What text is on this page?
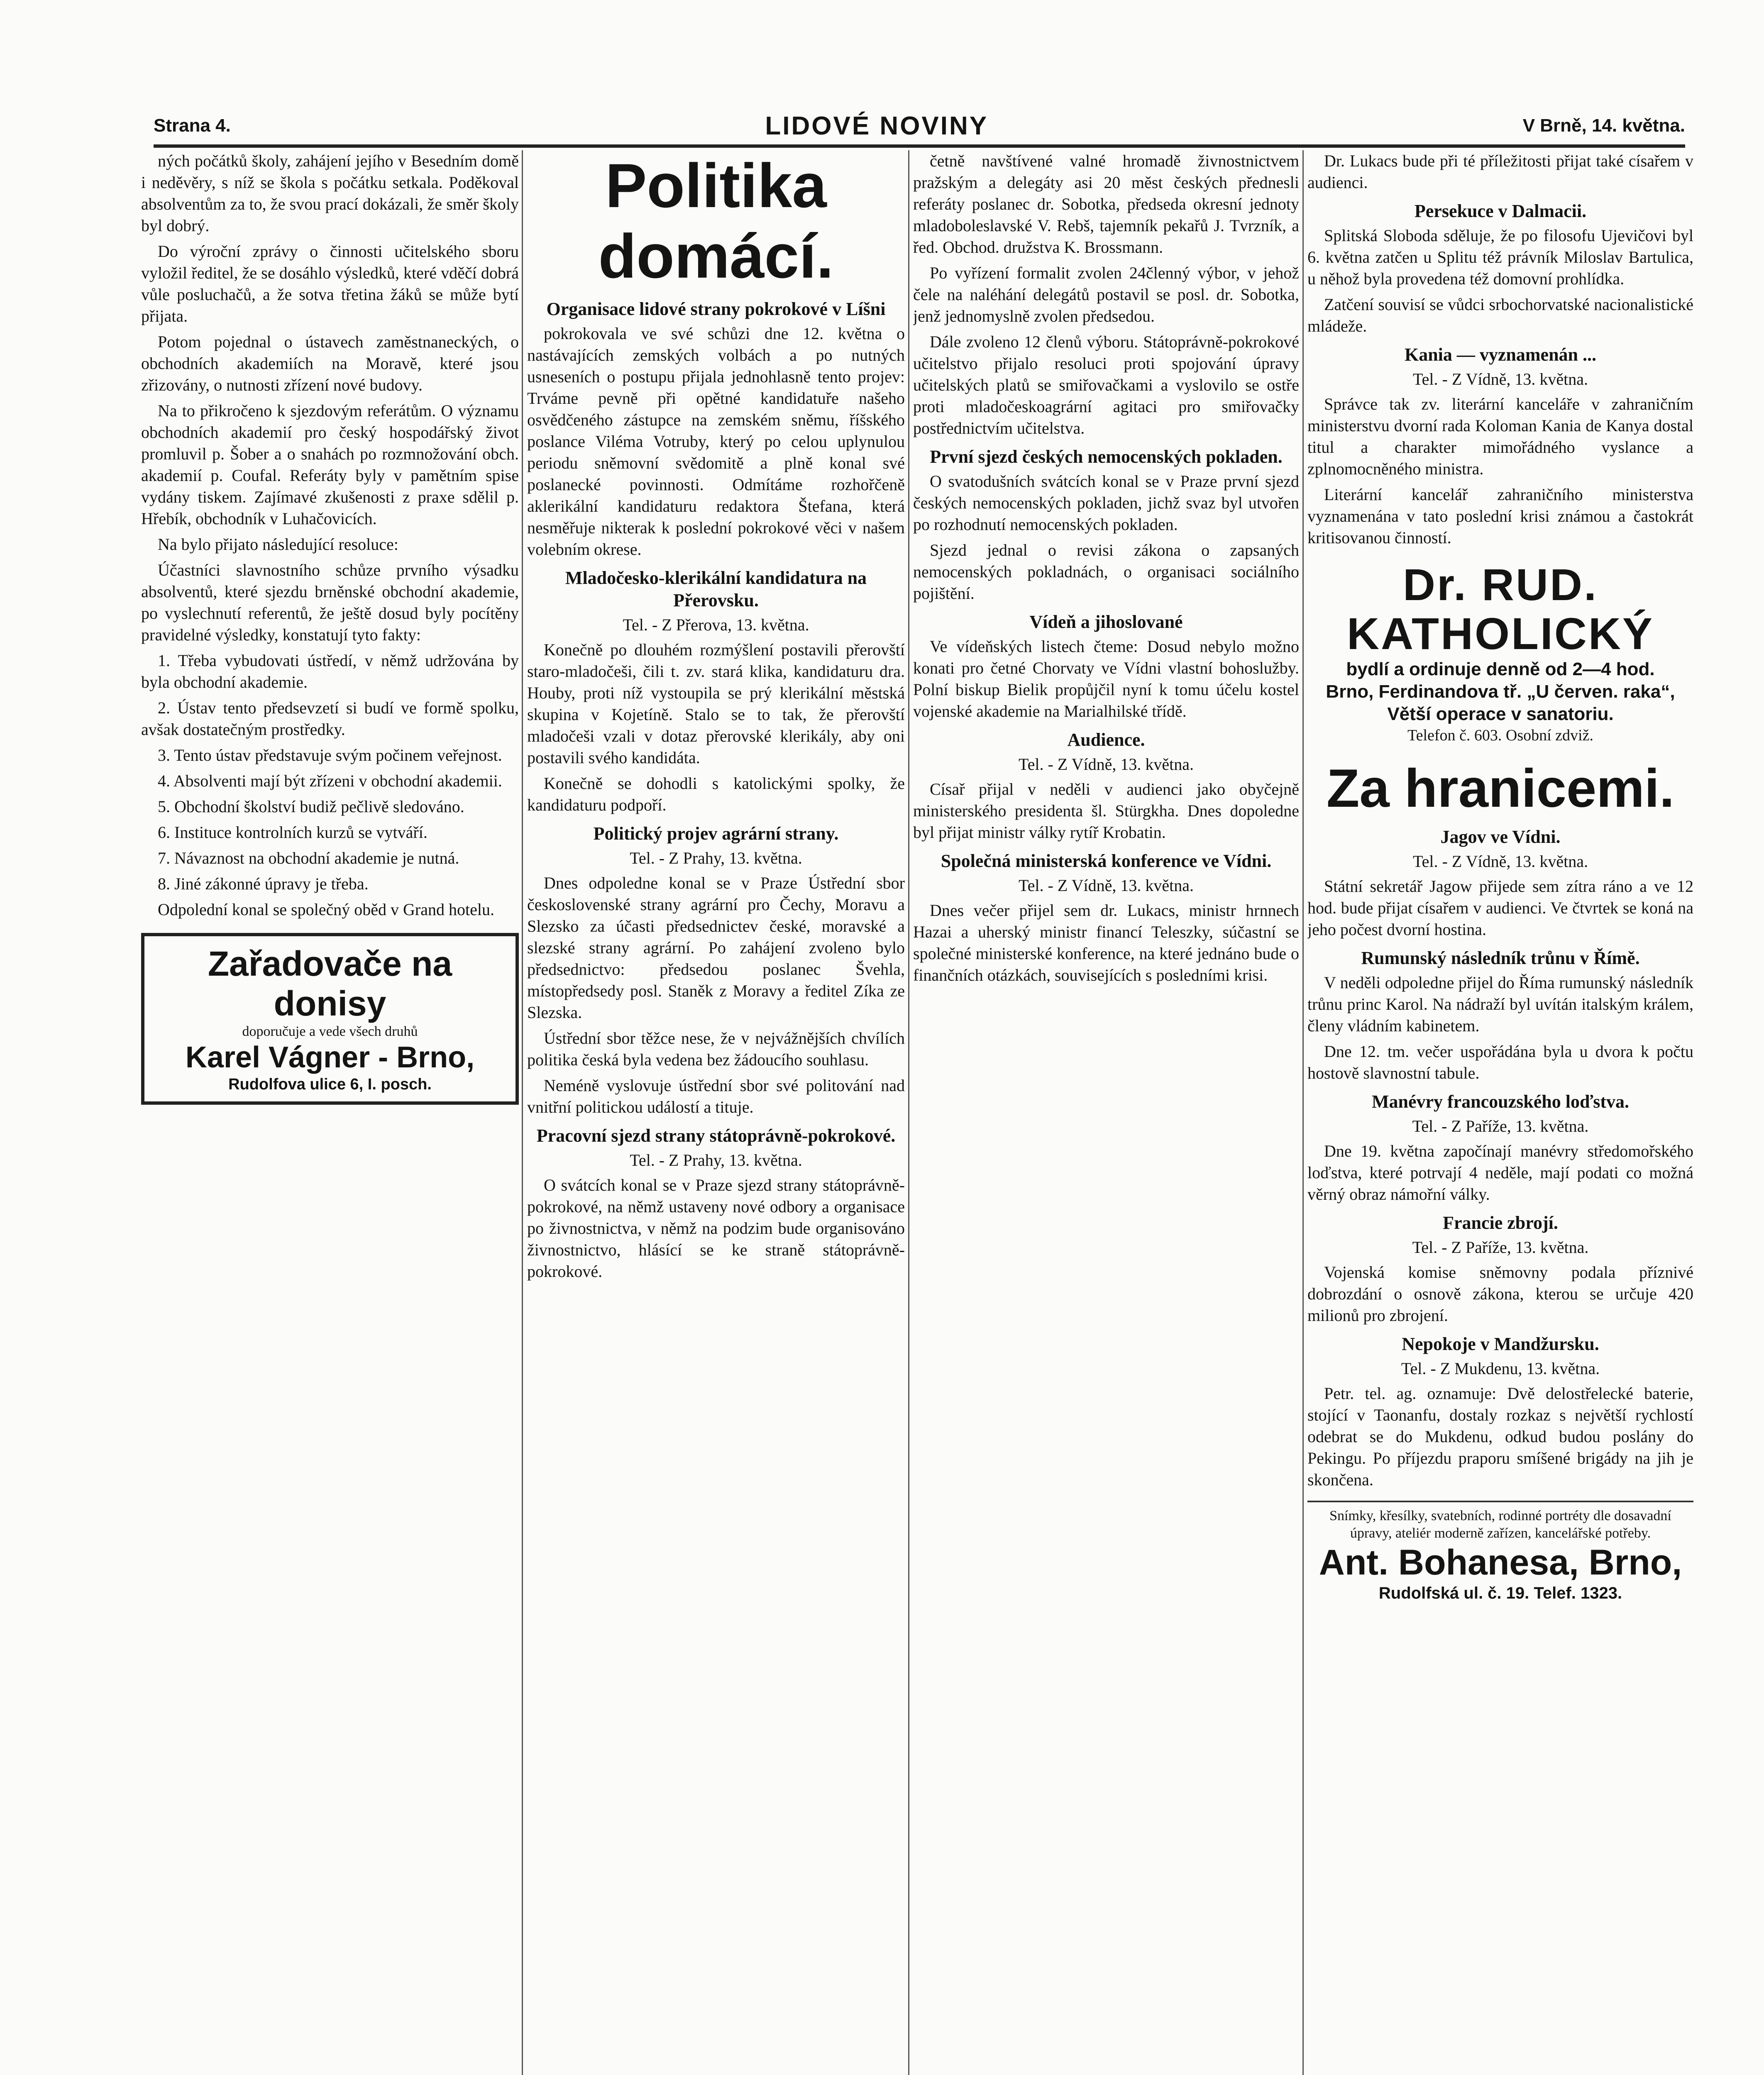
Strana 4.	LIDOVÉ NOVINY	V Brně, 14. května.

ných počátků školy, zahájení jejího v Besedním domě i neděvěry, s níž se škola s počátku setkala. Poděkoval absolventům za to, že svou prací dokázali, že směr školy byl dobrý.

Do výroční zprávy o činnosti učitelského sboru vyložil ředitel, že se dosáhlo výsledků, které vděčí dobrá vůle posluchačů, a že sotva třetina žáků se může bytí přijata.

Potom pojednal o ústavech zaměstnaneckých, o obchodních akademiích na Moravě, které jsou zřizovány, o nutnosti zřízení nové budovy.

Na to přikročeno k sjezdovým referátům. O významu obchodních akademií pro český hospodářský život promluvil p. Šober a o snahách po rozmnožování obch. akademií p. Coufal. Referáty byly v pamětním spise vydány tiskem. Zajímavé zkušenosti z praxe sdělil p. Hřebík, obchodník v Luhačovicích.

Na bylo přijato následující resoluce:

Účastníci slavnostního schůze prvního výsadku absolventů, které sjezdu brněnské obchodní akademie, po vyslechnutí referentů, že ještě dosud byly pocítěny pravidelné výsledky, konstatují tyto fakty:

1. Třeba vybudovati ústředí, v němž udržována by byla obchodní akademie.

2. Ústav tento předsevzetí si budí ve formě spolku, avšak dostatečným prostředky.

3. Tento ústav představuje svým počinem veřejnost.

4. Absolventi mají být zřízeni v obchodní akademii.

5. Obchodní školství budiž pečlivě sledováno.

6. Instituce kontrolních kurzů se vytváří.

7. Návaznost na obchodní akademie je nutná.

8. Jiné zákonné úpravy je třeba.

Odpolední konal se společný oběd v Grand hotelu.

Zařadovače na donisy
doporučuje a vede všech druhů
Karel Vágner - Brno,
Rudolfova ulice 6, I. posch.
Politika domácí.
Organisace lidové strany pokrokové v Líšni

pokrokovala ve své schůzi dne 12. května o nastávajících zemských volbách a po nutných usneseních o postupu přijala jednohlasně tento projev: Trváme pevně při opětné kandidatuře našeho osvědčeného zástupce na zemském sněmu, říšského poslance Viléma Votruby, který po celou uplynulou periodu sněmovní svědomitě a plně konal své poslanecké povinnosti. Odmítáme rozhořčeně aklerikální kandidaturu redaktora Štefana, která nesměřuje nikterak k poslední pokrokové věci v našem volebním okrese.

Mladočesko-klerikální kandidatura na Přerovsku.
Tel. - Z Přerova, 13. května.

Konečně po dlouhém rozmýšlení postavili přerovští staro-mladočeši, čili t. zv. stará klika, kandidaturu dra. Houby, proti níž vystoupila se prý klerikální městská skupina v Kojetíně. Stalo se to tak, že přerovští mladočeši vzali v dotaz přerovské klerikály, aby oni postavili svého kandidáta.

Konečně se dohodli s katolickými spolky, že kandidaturu podpoří.

Politický projev agrární strany.
Tel. - Z Prahy, 13. května.

Dnes odpoledne konal se v Praze Ústřední sbor československé strany agrární pro Čechy, Moravu a Slezsko za účasti předsednictev české, moravské a slezské strany agrární. Po zahájení zvoleno bylo předsednictvo: předsedou poslanec Švehla, místopředsedy posl. Staněk z Moravy a ředitel Zíka ze Slezska.

Ústřední sbor těžce nese, že v nejvážnějších chvílích politika česká byla vedena bez žádoucího souhlasu.

Neméně vyslovuje ústřední sbor své politování nad vnitřní politickou událostí a tituje.

Pracovní sjezd strany státoprávně-pokrokové.
Tel. - Z Prahy, 13. května.

O svátcích konal se v Praze sjezd strany státoprávně-pokrokové, na němž ustaveny nové odbory a organisace po živnostnictva, v němž na podzim bude organisováno živnostnictvo, hlásící se ke straně státoprávně-pokrokové.

četně navštívené valné hromadě živnostnictvem pražským a delegáty asi 20 měst českých přednesli referáty poslanec dr. Sobotka, předseda okresní jednoty mladoboleslavské V. Rebš, tajemník pekařů J. Tvrzník, a řed. Obchod. družstva K. Brossmann.

Po vyřízení formalit zvolen 24členný výbor, v jehož čele na naléhání delegátů postavil se posl. dr. Sobotka, jenž jednomyslně zvolen předsedou.

Dále zvoleno 12 členů výboru. Státoprávně-pokrokové učitelstvo přijalo resoluci proti spojování úpravy učitelských platů se smiřovačkami a vyslovilo se ostře proti mladočeskoagrární agitaci pro smiřovačky postřednictvím učitelstva.

První sjezd českých nemocenských pokladen.

O svatodušních svátcích konal se v Praze první sjezd českých nemocenských pokladen, jichž svaz byl utvořen po rozhodnutí nemocenských pokladen.

Sjezd jednal o revisi zákona o zapsaných nemocenských pokladnách, o organisaci sociálního pojištění.

Vídeň a jihoslované

Ve vídeňských listech čteme: Dosud nebylo možno konati pro četné Chorvaty ve Vídni vlastní bohoslužby. Polní biskup Bielik propůjčil nyní k tomu účelu kostel vojenské akademie na Marialhilské třídě.

Audience.
Tel. - Z Vídně, 13. května.

Císař přijal v neděli v audienci jako obyčejně ministerského presidenta šl. Stürgkha. Dnes dopoledne byl přijat ministr války rytíř Krobatin.

Společná ministerská konference ve Vídni.
Tel. - Z Vídně, 13. května.

Dnes večer přijel sem dr. Lukacs, ministr hrnnech Hazai a uherský ministr financí Teleszky, súčastní se společné ministerské konference, na které jednáno bude o finančních otázkách, souvisejících s posledními krisi.

Dr. Lukacs bude při té příležitosti přijat také císařem v audienci.

Persekuce v Dalmacii.

Splitská Sloboda sděluje, že po filosofu Ujevičovi byl 6. května zatčen u Splitu též právník Miloslav Bartulica, u něhož byla provedena též domovní prohlídka.

Zatčení souvisí se vůdci srbochorvatské nacionalistické mládeže.

Kania — vyznamenán ...
Tel. - Z Vídně, 13. května.

Správce tak zv. literární kanceláře v zahraničním ministerstvu dvorní rada Koloman Kania de Kanya dostal titul a charakter mimořádného vyslance a zplnomocněného ministra.

Literární kancelář zahraničního ministerstva vyznamenána v tato poslední krisi známou a častokrát kritisovanou činností.

Dr. RUD. KATHOLICKÝ
bydlí a ordinuje denně od 2—4 hod.
Brno, Ferdinandova tř. „U červen. raka“,
Větší operace v sanatoriu.
Telefon č. 603. Osobní zdviž.
Za hranicemi.
Jagov ve Vídni.
Tel. - Z Vídně, 13. května.

Státní sekretář Jagow přijede sem zítra ráno a ve 12 hod. bude přijat císařem v audienci. Ve čtvrtek se koná na jeho počest dvorní hostina.

Rumunský následník trůnu v Římě.

V neděli odpoledne přijel do Říma rumunský následník trůnu princ Karol. Na nádraží byl uvítán italským králem, členy vládním kabinetem.

Dne 12. tm. večer uspořádána byla u dvora k počtu hostově slavnostní tabule.

Manévry francouzského loďstva.
Tel. - Z Paříže, 13. května.

Dne 19. května započínají manévry středomořského loďstva, které potrvají 4 neděle, mají podati co možná věrný obraz námořní války.

Francie zbrojí.
Tel. - Z Paříže, 13. května.

Vojenská komise sněmovny podala příznivé dobrozdání o osnově zákona, kterou se určuje 420 milionů pro zbrojení.

Nepokoje v Mandžursku.
Tel. - Z Mukdenu, 13. května.

Petr. tel. ag. oznamuje: Dvě delostřelecké baterie, stojící v Taonanfu, dostaly rozkaz s největší rychlostí odebrat se do Mukdenu, odkud budou poslány do Pekingu. Po příjezdu praporu smíšené brigády na jih je skončena.

Snímky, křesílky, svatebních, rodinné portréty dle dosavadní úpravy, ateliér moderně zařízen, kancelářské potřeby.
Ant. Bohanesa, Brno,
Rudolfská ul. č. 19. Telef. 1323.
